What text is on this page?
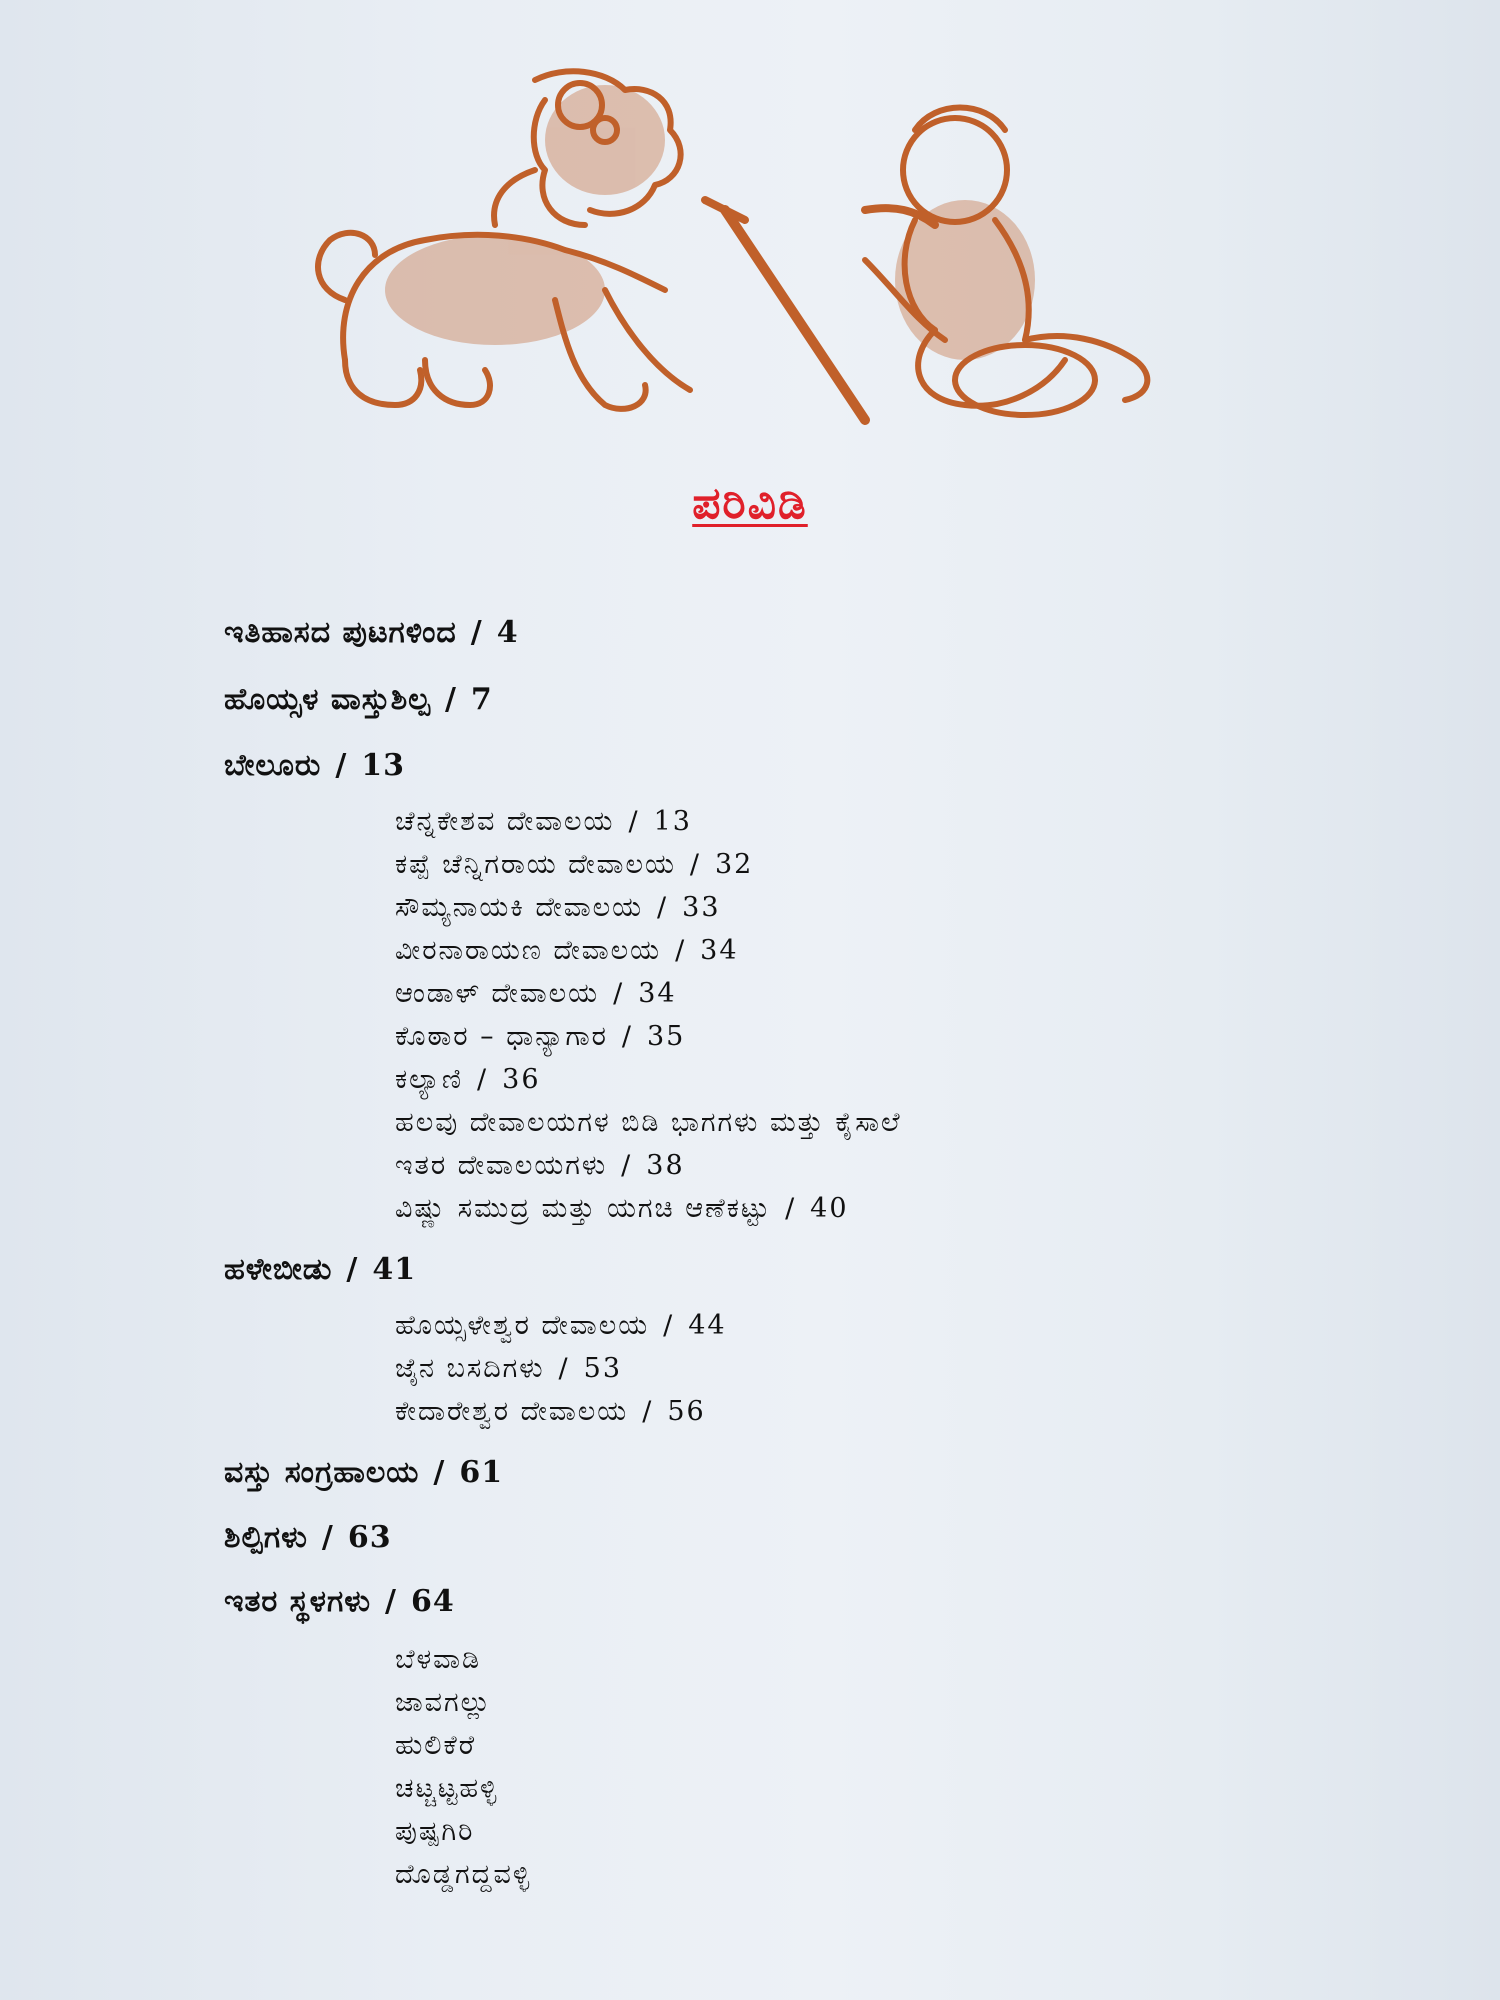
ಪರಿವಿಡಿ
ಇತಿಹಾಸದ ಪುಟಗಳಿಂದ / 4
ಹೊಯ್ಸಳ ವಾಸ್ತುಶಿಲ್ಪ / 7
ಬೇಲೂರು / 13
ಚೆನ್ನಕೇಶವ ದೇವಾಲಯ / 13
ಕಪ್ಪೆ ಚೆನ್ನಿಗರಾಯ ದೇವಾಲಯ / 32
ಸೌಮ್ಯನಾಯಕಿ ದೇವಾಲಯ / 33
ವೀರನಾರಾಯಣ ದೇವಾಲಯ / 34
ಆಂಡಾಳ್ ದೇವಾಲಯ / 34
ಕೊಠಾರ – ಧಾನ್ಯಾಗಾರ / 35
ಕಲ್ಯಾಣಿ / 36
ಹಲವು ದೇವಾಲಯಗಳ ಬಿಡಿ ಭಾಗಗಳು ಮತ್ತು ಕೈಸಾಲೆ
ಇತರ ದೇವಾಲಯಗಳು / 38
ವಿಷ್ಣು ಸಮುದ್ರ ಮತ್ತು ಯಗಚಿ ಆಣೆಕಟ್ಟು / 40
ಹಳೇಬೀಡು / 41
ಹೊಯ್ಸಳೇಶ್ವರ ದೇವಾಲಯ / 44
ಜೈನ ಬಸದಿಗಳು / 53
ಕೇದಾರೇಶ್ವರ ದೇವಾಲಯ / 56
ವಸ್ತು ಸಂಗ್ರಹಾಲಯ / 61
ಶಿಲ್ಪಿಗಳು / 63
ಇತರ ಸ್ಥಳಗಳು / 64
ಬೆಳವಾಡಿ
ಜಾವಗಲ್ಲು
ಹುಲಿಕೆರೆ
ಚಟ್ಚಟ್ಟಹಳ್ಳಿ
ಪುಷ್ಪಗಿರಿ
ದೊಡ್ಡಗದ್ದವಳ್ಳಿ
